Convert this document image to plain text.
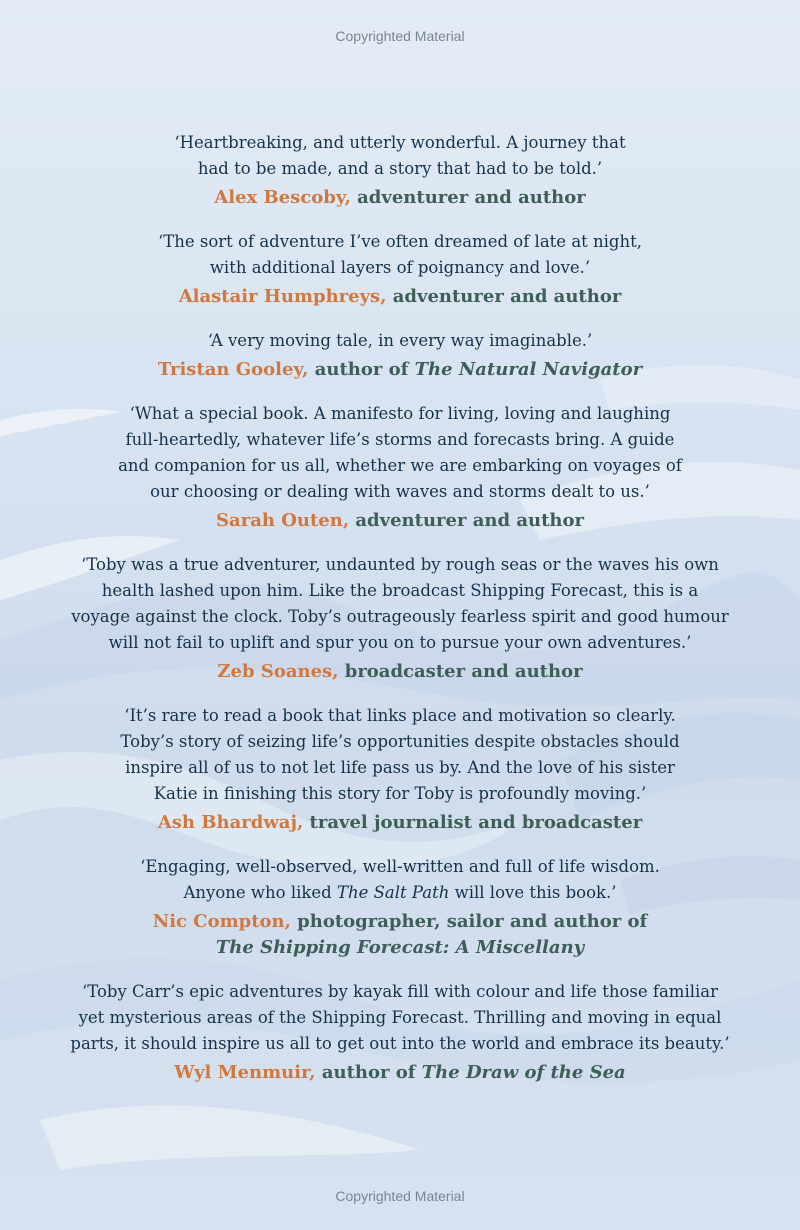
Copyrighted Material
‘Heartbreaking, and utterly wonderful. A journey that
had to be made, and a story that had to be told.’
Alex Bescoby, adventurer and author
‘The sort of adventure I’ve often dreamed of late at night,
with additional layers of poignancy and love.’
Alastair Humphreys, adventurer and author
‘A very moving tale, in every way imaginable.’
Tristan Gooley, author of The Natural Navigator
‘What a special book. A manifesto for living, loving and laughing
full-heartedly, whatever life’s storms and forecasts bring. A guide
and companion for us all, whether we are embarking on voyages of
our choosing or dealing with waves and storms dealt to us.’
Sarah Outen, adventurer and author
‘Toby was a true adventurer, undaunted by rough seas or the waves his own
health lashed upon him. Like the broadcast Shipping Forecast, this is a
voyage against the clock. Toby’s outrageously fearless spirit and good humour
will not fail to uplift and spur you on to pursue your own adventures.’
Zeb Soanes, broadcaster and author
‘It’s rare to read a book that links place and motivation so clearly.
Toby’s story of seizing life’s opportunities despite obstacles should
inspire all of us to not let life pass us by. And the love of his sister
Katie in finishing this story for Toby is profoundly moving.’
Ash Bhardwaj, travel journalist and broadcaster
‘Engaging, well-observed, well-written and full of life wisdom.
Anyone who liked The Salt Path will love this book.’
Nic Compton, photographer, sailor and author of
The Shipping Forecast: A Miscellany
‘Toby Carr’s epic adventures by kayak fill with colour and life those familiar
yet mysterious areas of the Shipping Forecast. Thrilling and moving in equal
parts, it should inspire us all to get out into the world and embrace its beauty.’
Wyl Menmuir, author of The Draw of the Sea
Copyrighted Material
